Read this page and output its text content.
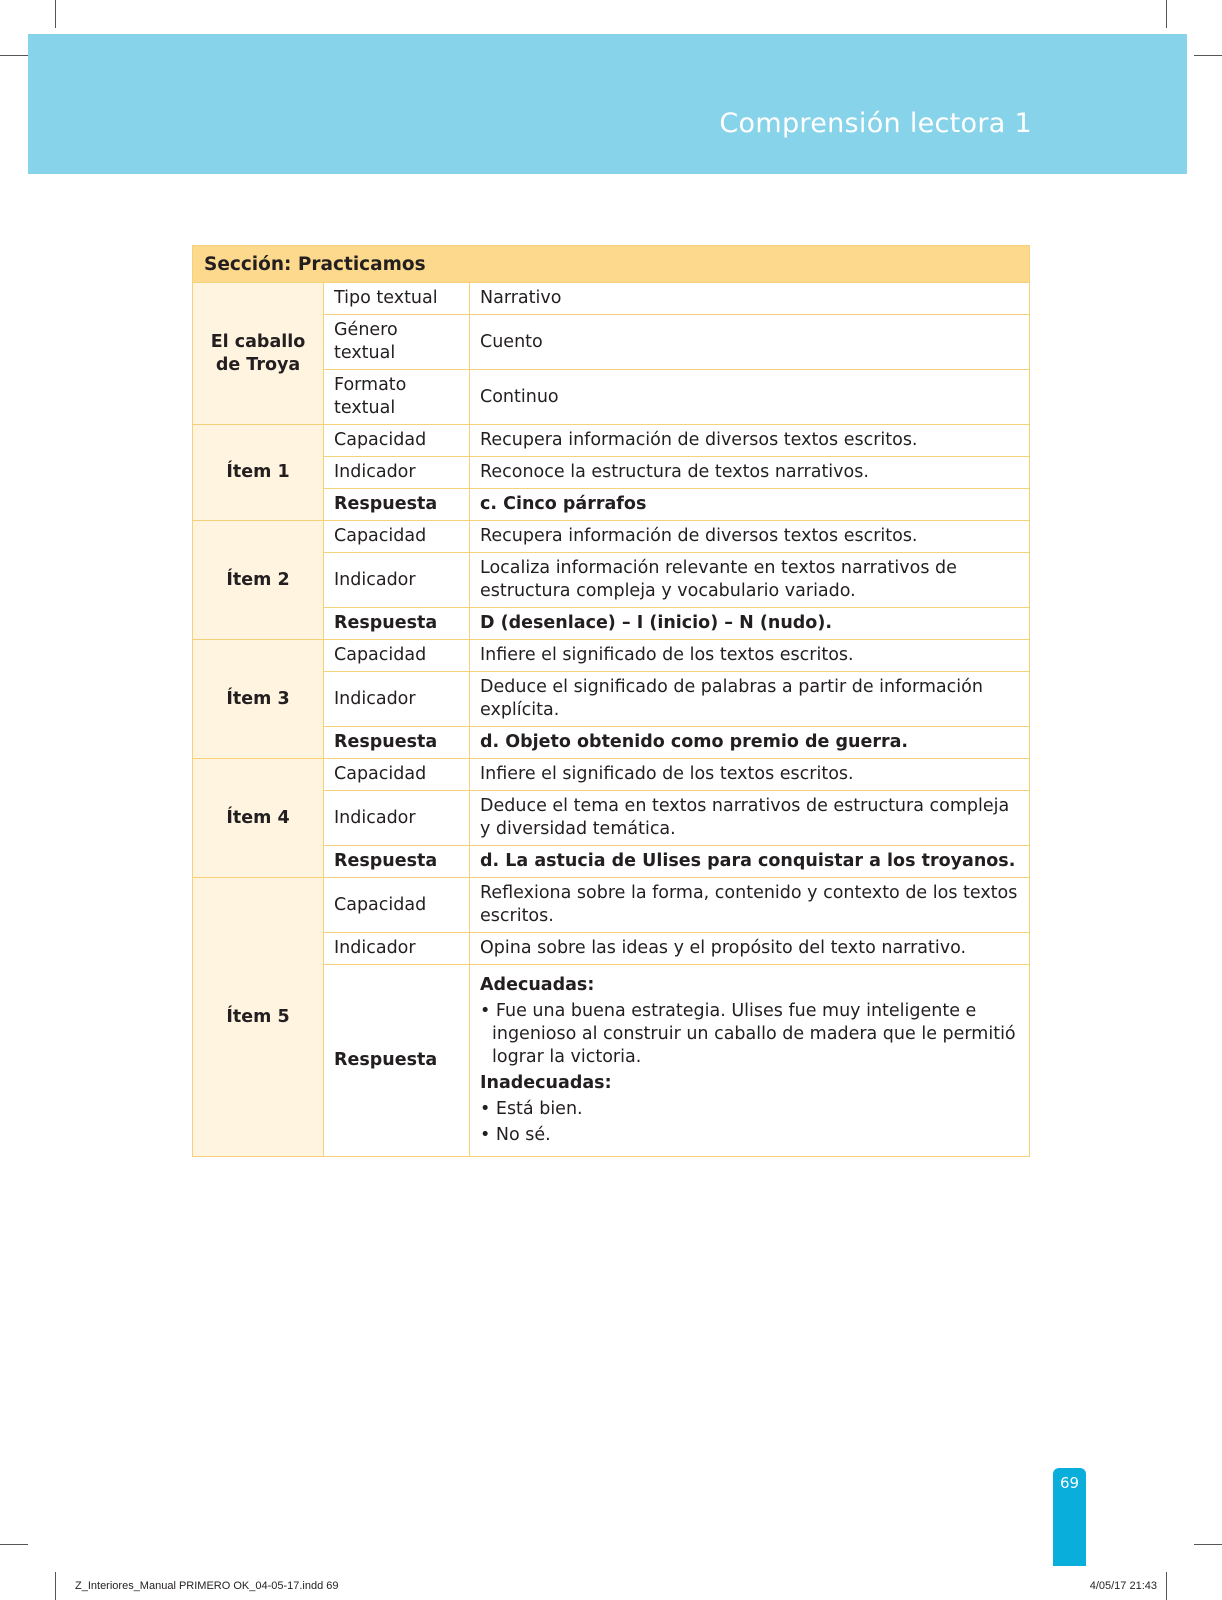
Comprensión lectora 1
Sección: Practicamos		
El caballo de Troya	Tipo textual	Narrativo
	Género textual	Cuento
	Formato textual	Continuo
Ítem 1	Capacidad	Recupera información de diversos textos escritos.
	Indicador	Reconoce la estructura de textos narrativos.
	Respuesta	c. Cinco párrafos
Ítem 2	Capacidad	Recupera información de diversos textos escritos.
	Indicador	Localiza información relevante en textos narrativos de estructura compleja y vocabulario variado.
	Respuesta	D (desenlace) – I (inicio) – N (nudo).
Ítem 3	Capacidad	Infiere el significado de los textos escritos.
	Indicador	Deduce el significado de palabras a partir de información explícita.
	Respuesta	d. Objeto obtenido como premio de guerra.
Ítem 4	Capacidad	Infiere el significado de los textos escritos.
	Indicador	Deduce el tema en textos narrativos de estructura compleja y diversidad temática.
	Respuesta	d. La astucia de Ulises para conquistar a los troyanos.
Ítem 5	Capacidad	Reflexiona sobre la forma, contenido y contexto de los textos escritos.
	Indicador	Opina sobre las ideas y el propósito del texto narrativo.
	Respuesta	Adecuadas:
• Fue una buena estrategia. Ulises fue muy inteligente e ingenioso al construir un caballo de madera que le permitió lograr la victoria.
Inadecuadas:
• Está bien.
• No sé.
69
Z_Interiores_Manual PRIMERO OK_04-05-17.indd 69	4/05/17 21:43
